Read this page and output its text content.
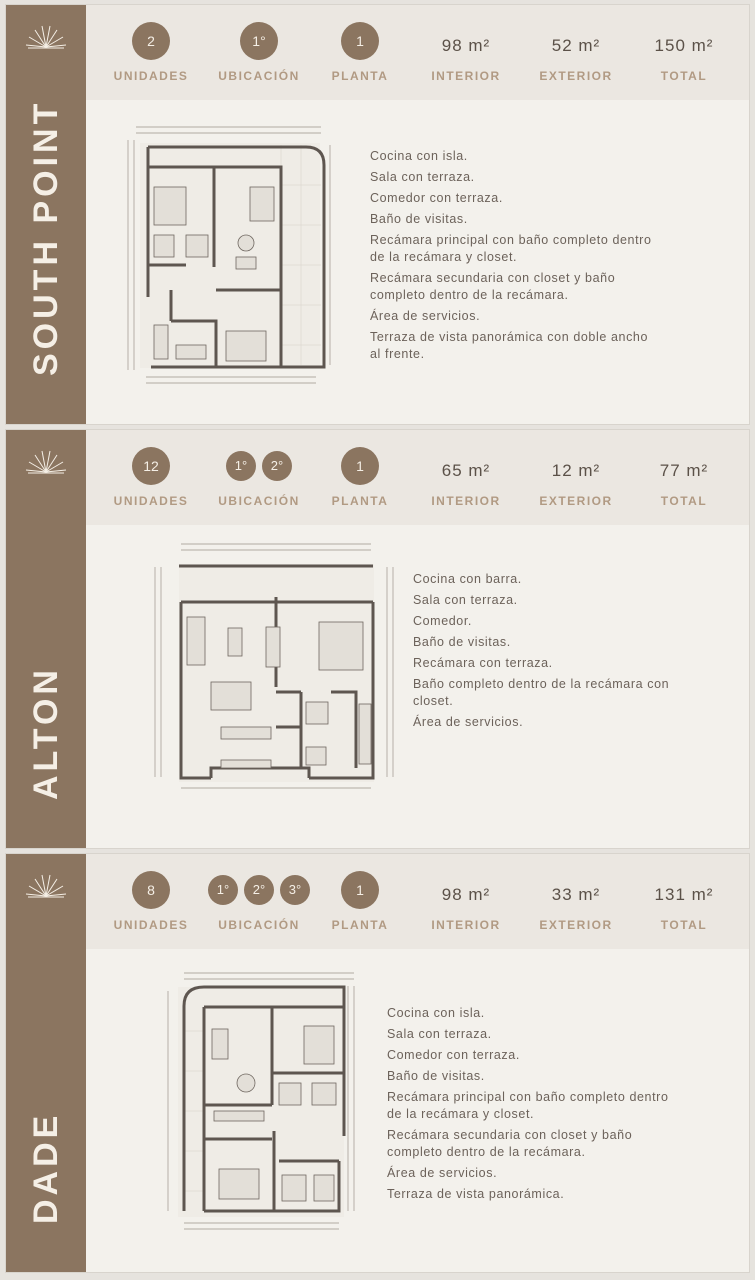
SOUTH POINT
2
UNIDADES
1°
UBICACIÓN
1
PLANTA
98 m²
INTERIOR
52 m²
EXTERIOR
150 m²
TOTAL
Cocina con isla.
Sala con terraza.
Comedor con terraza.
Baño de visitas.
Recámara principal con baño completo dentro de la recámara y closet.
Recámara secundaria con closet y baño completo dentro de la recámara.
Área de servicios.
Terraza de vista panorámica con doble ancho al frente.
ALTON
12
UNIDADES
1° 2°
UBICACIÓN
1
PLANTA
65 m²
INTERIOR
12 m²
EXTERIOR
77 m²
TOTAL
Cocina con barra.
Sala con terraza.
Comedor.
Baño de visitas.
Recámara con terraza.
Baño completo dentro de la recámara con closet.
Área de servicios.
DADE
8
UNIDADES
1° 2° 3°
UBICACIÓN
1
PLANTA
98 m²
INTERIOR
33 m²
EXTERIOR
131 m²
TOTAL
Cocina con isla.
Sala con terraza.
Comedor con terraza.
Baño de visitas.
Recámara principal con baño completo dentro de la recámara y closet.
Recámara secundaria con closet y baño completo dentro de la recámara.
Área de servicios.
Terraza de vista panorámica.
